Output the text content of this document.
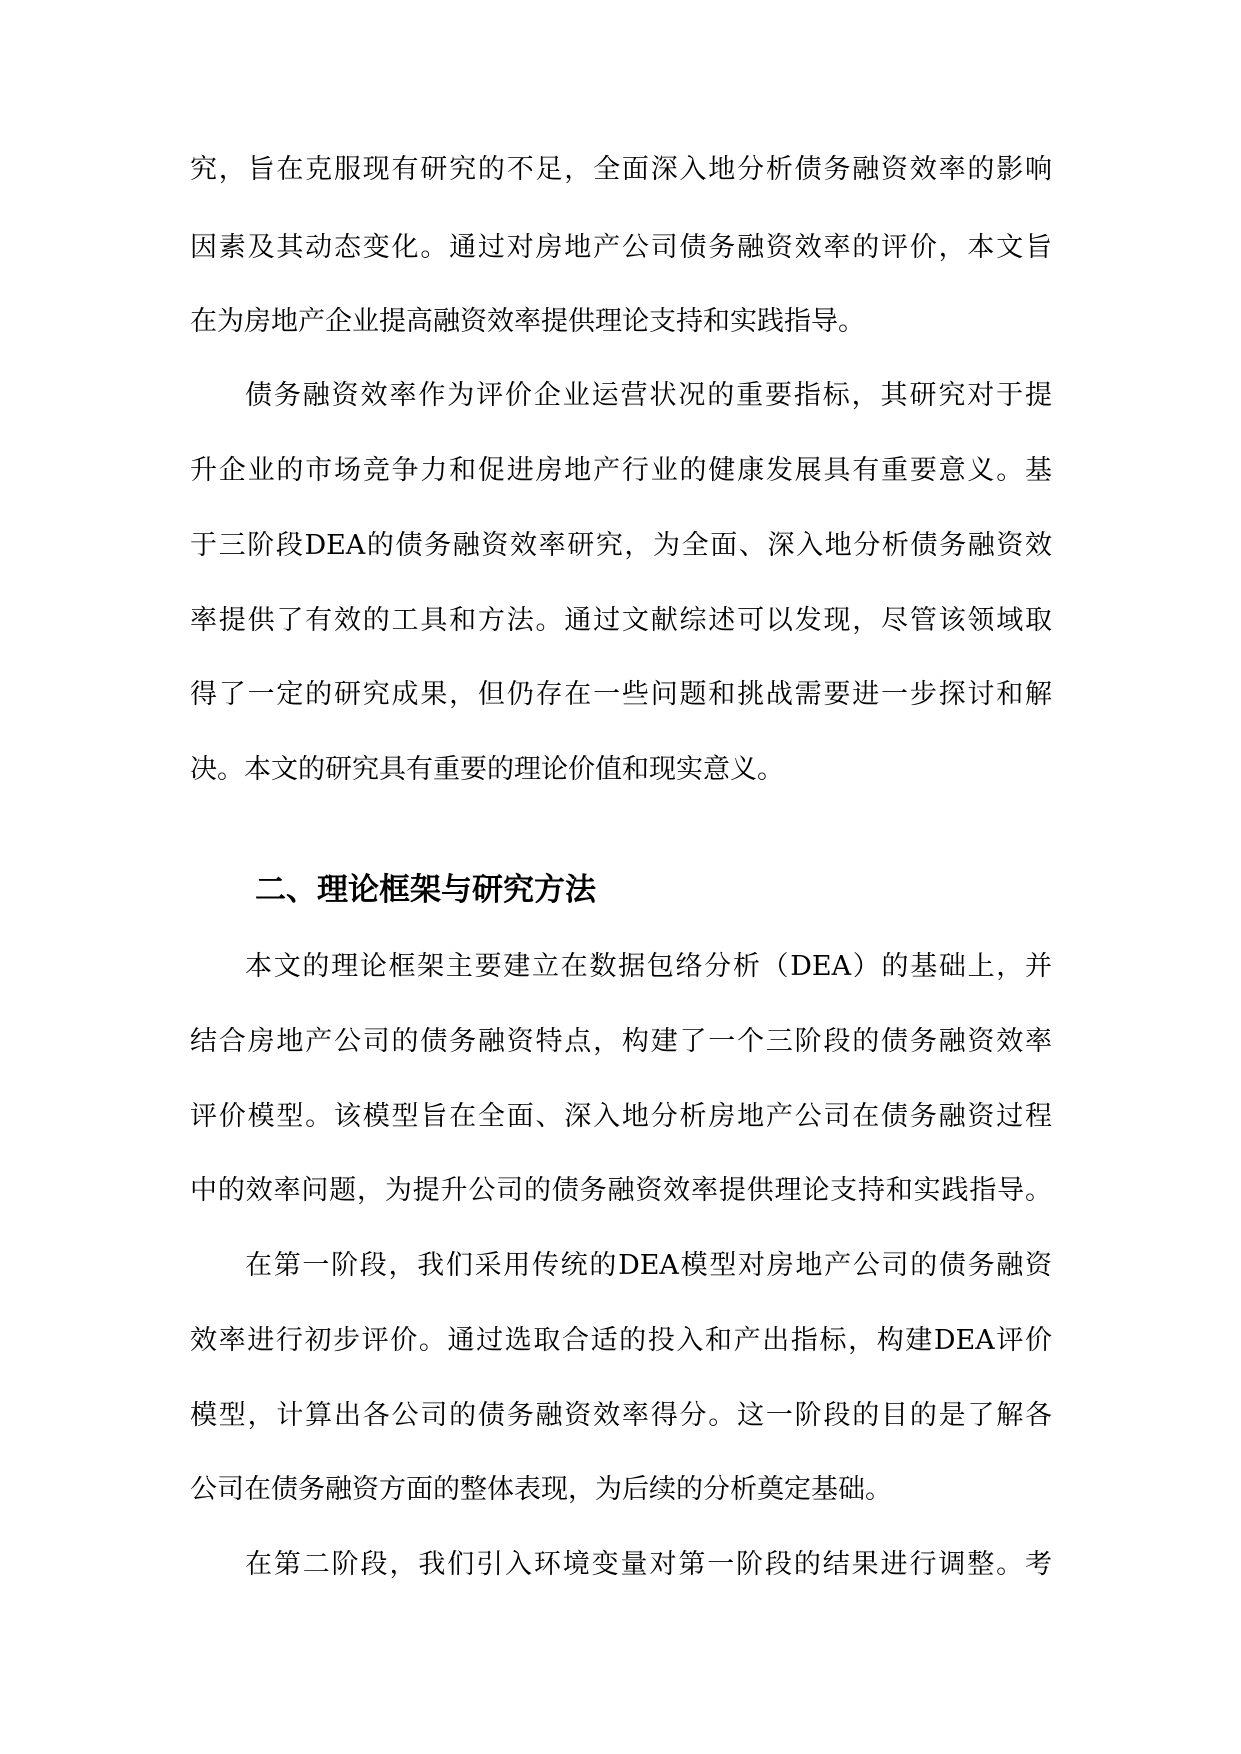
究，旨在克服现有研究的不足，全面深入地分析债务融资效率的影响
因素及其动态变化。通过对房地产公司债务融资效率的评价，本文旨
在为房地产企业提高融资效率提供理论支持和实践指导。
债务融资效率作为评价企业运营状况的重要指标，其研究对于提
升企业的市场竞争力和促进房地产行业的健康发展具有重要意义。基
于三阶段DEA的债务融资效率研究，为全面、深入地分析债务融资效
率提供了有效的工具和方法。通过文献综述可以发现，尽管该领域取
得了一定的研究成果，但仍存在一些问题和挑战需要进一步探讨和解
决。本文的研究具有重要的理论价值和现实意义。
二、理论框架与研究方法
本文的理论框架主要建立在数据包络分析（DEA）的基础上，并
结合房地产公司的债务融资特点，构建了一个三阶段的债务融资效率
评价模型。该模型旨在全面、深入地分析房地产公司在债务融资过程
中的效率问题，为提升公司的债务融资效率提供理论支持和实践指导。
在第一阶段，我们采用传统的DEA模型对房地产公司的债务融资
效率进行初步评价。通过选取合适的投入和产出指标，构建DEA评价
模型，计算出各公司的债务融资效率得分。这一阶段的目的是了解各
公司在债务融资方面的整体表现，为后续的分析奠定基础。
在第二阶段，我们引入环境变量对第一阶段的结果进行调整。考
